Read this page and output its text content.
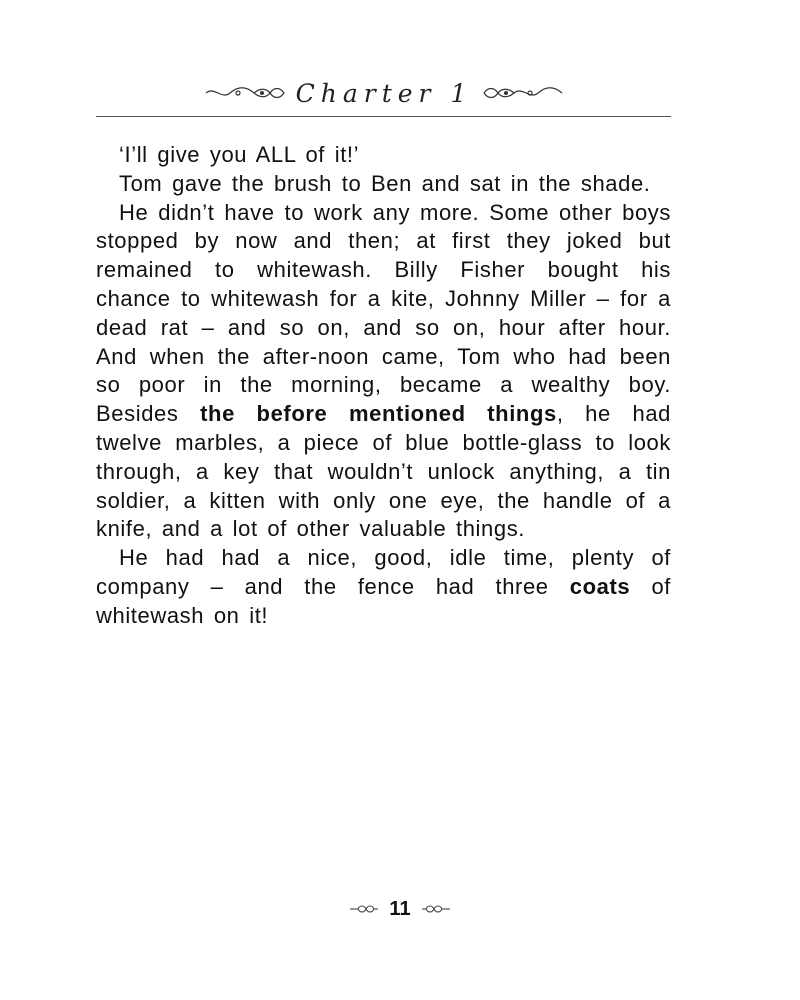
Charter 1

‘I’ll give you ALL of it!’

Tom gave the brush to Ben and sat in the shade.

He didn’t have to work any more. Some other boys stopped by now and then; at first they joked but remained to whitewash. Billy Fisher bought his chance to whitewash for a kite, Johnny Miller – for a dead rat – and so on, and so on, hour after hour. And when the after-noon came, Tom who had been so poor in the morning, became a wealthy boy. Besides the before mentioned things, he had twelve marbles, a piece of blue bottle-glass to look through, a key that wouldn’t unlock anything, a tin soldier, a kitten with only one eye, the handle of a knife, and a lot of other valuable things.

He had had a nice, good, idle time, plenty of company – and the fence had three coats of whitewash on it!

11
